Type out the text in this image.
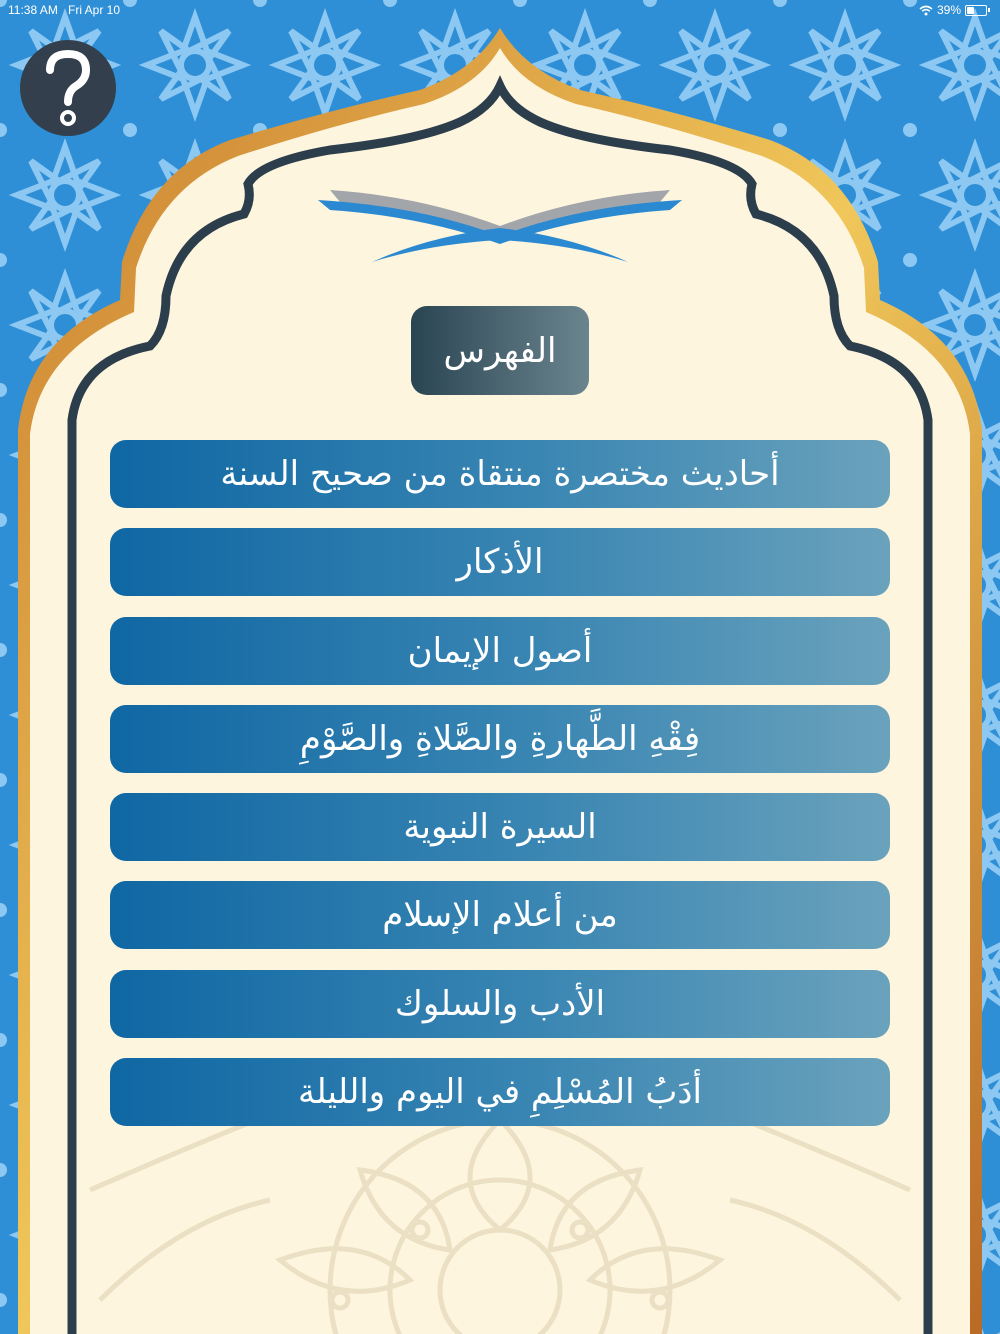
11:38 AM Fri Apr 10	39%
الفهرس
أحاديث مختصرة منتقاة من صحيح السنة
الأذكار
أصول الإيمان
فِقْهِ الطَّهارةِ والصَّلاةِ والصَّوْمِ
السيرة النبوية
من أعلام الإسلام
الأدب والسلوك
أدَبُ المُسْلِمِ في اليوم والليلة
